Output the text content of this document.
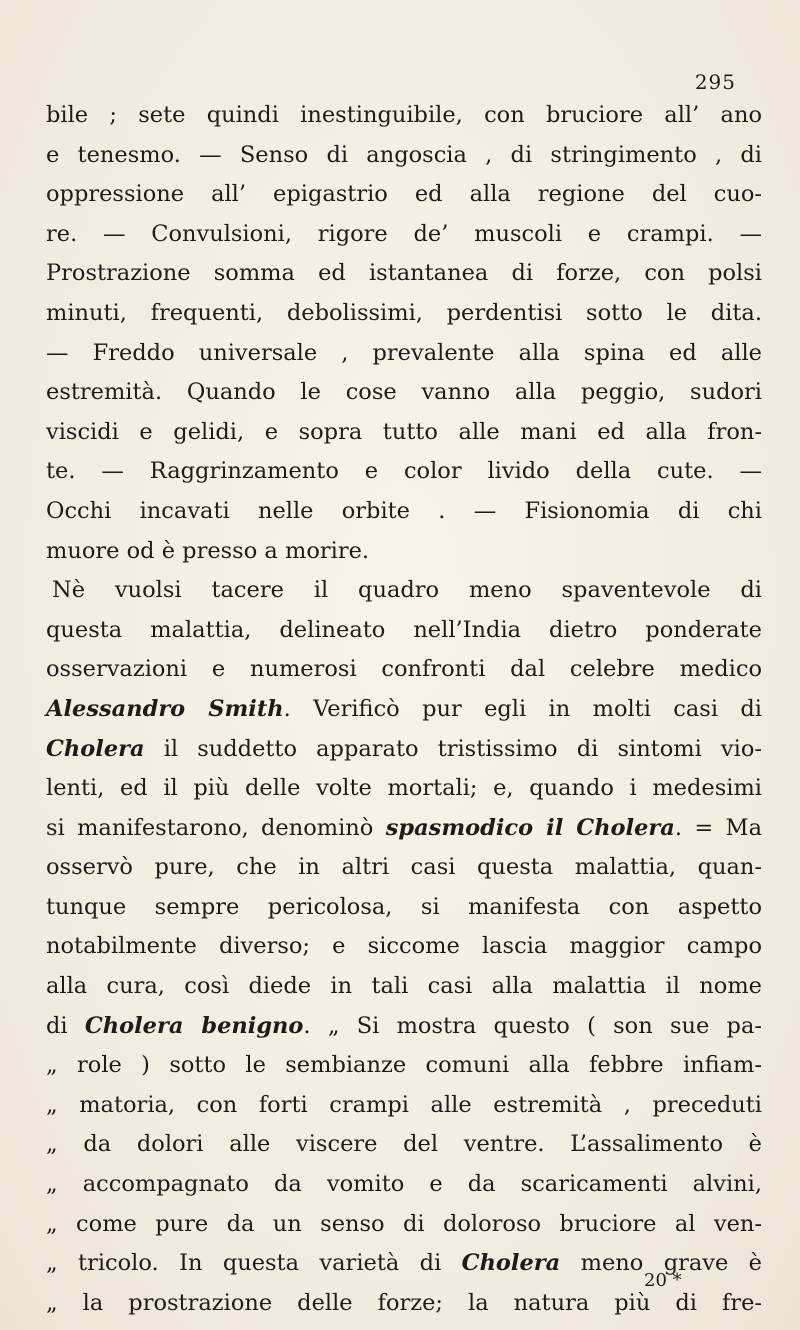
295
bile ; sete quindi inestinguibile, con bruciore all’ ano
e tenesmo. — Senso di angoscia , di stringimento , di
oppressione all’ epigastrio ed alla regione del cuo-
re. — Convulsioni, rigore de’ muscoli e crampi. —
Prostrazione somma ed istantanea di forze, con polsi
minuti, frequenti, debolissimi, perdentisi sotto le dita.
— Freddo universale , prevalente alla spina ed alle
estremità. Quando le cose vanno alla peggio, sudori
viscidi e gelidi, e sopra tutto alle mani ed alla fron-
te. — Raggrinzamento e color livido della cute. —
Occhi incavati nelle orbite . — Fisionomia di chi
muore od è presso a morire.
Nè vuolsi tacere il quadro meno spaventevole di
questa malattia, delineato nell’India dietro ponderate
osservazioni e numerosi confronti dal celebre medico
Alessandro Smith. Verificò pur egli in molti casi di
Cholera il suddetto apparato tristissimo di sintomi vio-
lenti, ed il più delle volte mortali; e, quando i medesimi
si manifestarono, denominò spasmodico il Cholera. = Ma
osservò pure, che in altri casi questa malattia, quan-
tunque sempre pericolosa, si manifesta con aspetto
notabilmente diverso; e siccome lascia maggior campo
alla cura, così diede in tali casi alla malattia il nome
di Cholera benigno. „ Si mostra questo ( son sue pa-
„ role ) sotto le sembianze comuni alla febbre infiam-
„ matoria, con forti crampi alle estremità , preceduti
„ da dolori alle viscere del ventre. L’assalimento è
„ accompagnato da vomito e da scaricamenti alvini,
„ come pure da un senso di doloroso bruciore al ven-
„ tricolo. In questa varietà di Cholera meno grave è
„ la prostrazione delle forze; la natura più di fre-
20 *
